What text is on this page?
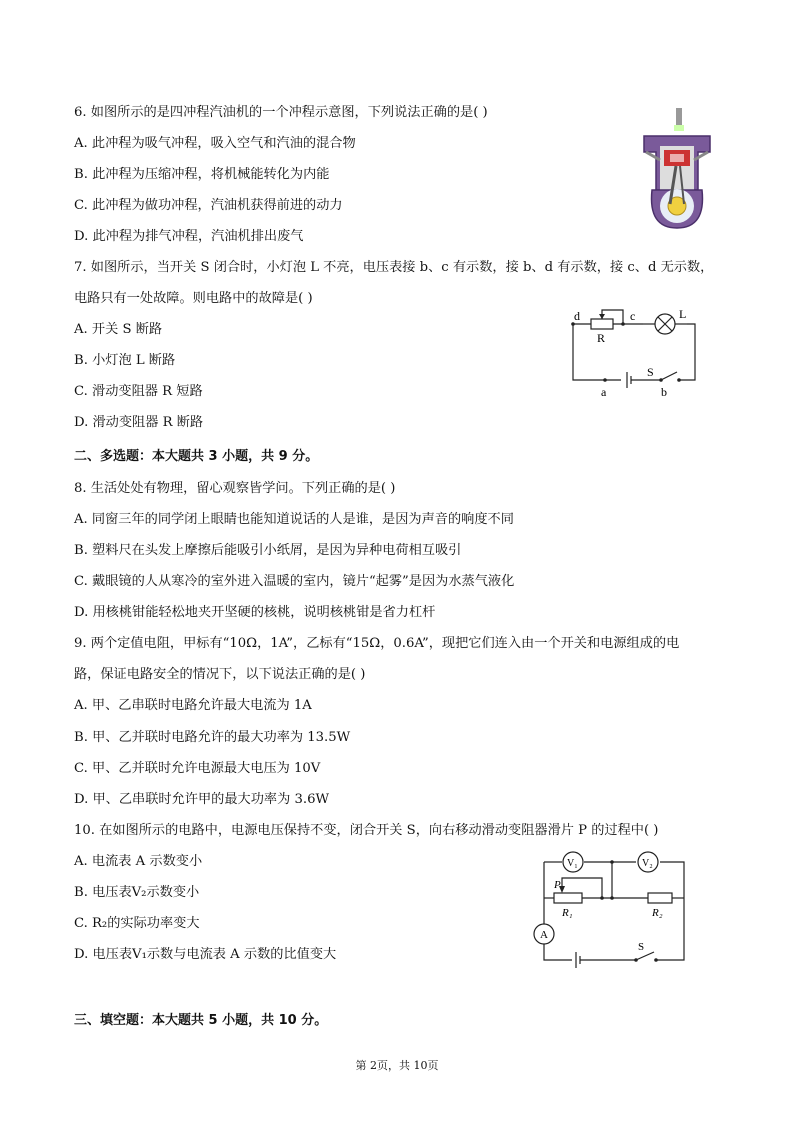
6. 如图所示的是四冲程汽油机的一个冲程示意图，下列说法正确的是( )
A. 此冲程为吸气冲程，吸入空气和汽油的混合物
B. 此冲程为压缩冲程，将机械能转化为内能
C. 此冲程为做功冲程，汽油机获得前进的动力
D. 此冲程为排气冲程，汽油机排出废气
7. 如图所示，当开关 S 闭合时，小灯泡 L 不亮，电压表接 b、c 有示数，接 b、d 有示数，接 c、d 无示数，
电路只有一处故障。则电路中的故障是( )
A. 开关 S 断路
B. 小灯泡 L 断路
C. 滑动变阻器 R 短路
D. 滑动变阻器 R 断路
d	c
R
L
S
a	b
二、多选题：本大题共 3 小题，共 9 分。
8. 生活处处有物理，留心观察皆学问。下列正确的是( )
A. 同窗三年的同学闭上眼睛也能知道说话的人是谁，是因为声音的响度不同
B. 塑料尺在头发上摩擦后能吸引小纸屑，是因为异种电荷相互吸引
C. 戴眼镜的人从寒冷的室外进入温暖的室内，镜片“起雾”是因为水蒸气液化
D. 用核桃钳能轻松地夹开坚硬的核桃，说明核桃钳是省力杠杆
9. 两个定值电阻，甲标有“10Ω，1A”，乙标有“15Ω，0.6A”，现把它们连入由一个开关和电源组成的电
路，保证电路安全的情况下，以下说法正确的是( )
A. 甲、乙串联时电路允许最大电流为 1A
B. 甲、乙并联时电路允许的最大功率为 13.5W
C. 甲、乙并联时允许电源最大电压为 10V
D. 甲、乙串联时允许甲的最大功率为 3.6W
10. 在如图所示的电路中，电源电压保持不变，闭合开关 S，向右移动滑动变阻器滑片 P 的过程中( )
A. 电流表 A 示数变小
B. 电压表V₂示数变小
C. R₂的实际功率变大
D. 电压表V₁示数与电流表 A 示数的比值变大
V₁	V₂
P
R₁	R₂
A
S
三、填空题：本大题共 5 小题，共 10 分。
第 2页，共 10页
